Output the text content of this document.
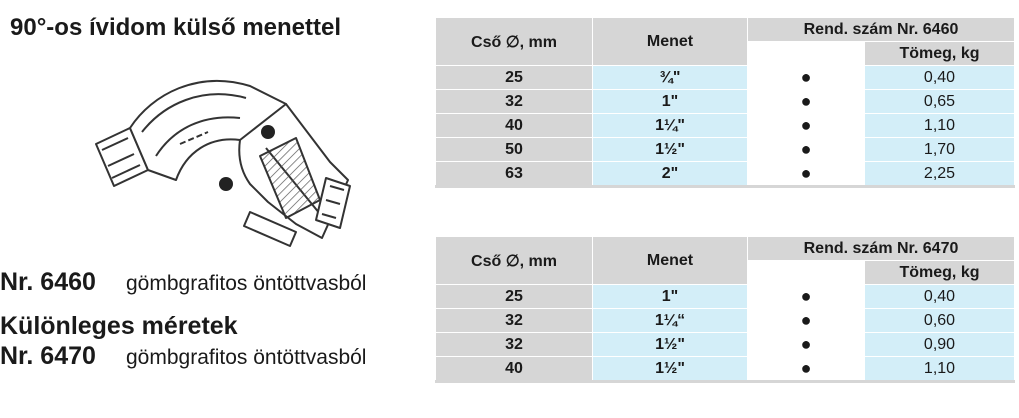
90°-os ívidom külső menettel
Nr. 6460 gömbgrafitos öntöttvasból
Különleges méretek
Nr. 6470 gömbgrafitos öntöttvasból
Cső ∅, mm	Menet	Rend. szám Nr. 6460	
			Tömeg, kg
25	¾"	●	0,40
32	1"	●	0,65
40	1¼"	●	1,10
50	1½"	●	1,70
63	2"	●	2,25
Cső ∅, mm	Menet	Rend. szám Nr. 6470	
			Tömeg, kg
25	1"	●	0,40
32	1¼“	●	0,60
32	1½"	●	0,90
40	1½"	●	1,10
